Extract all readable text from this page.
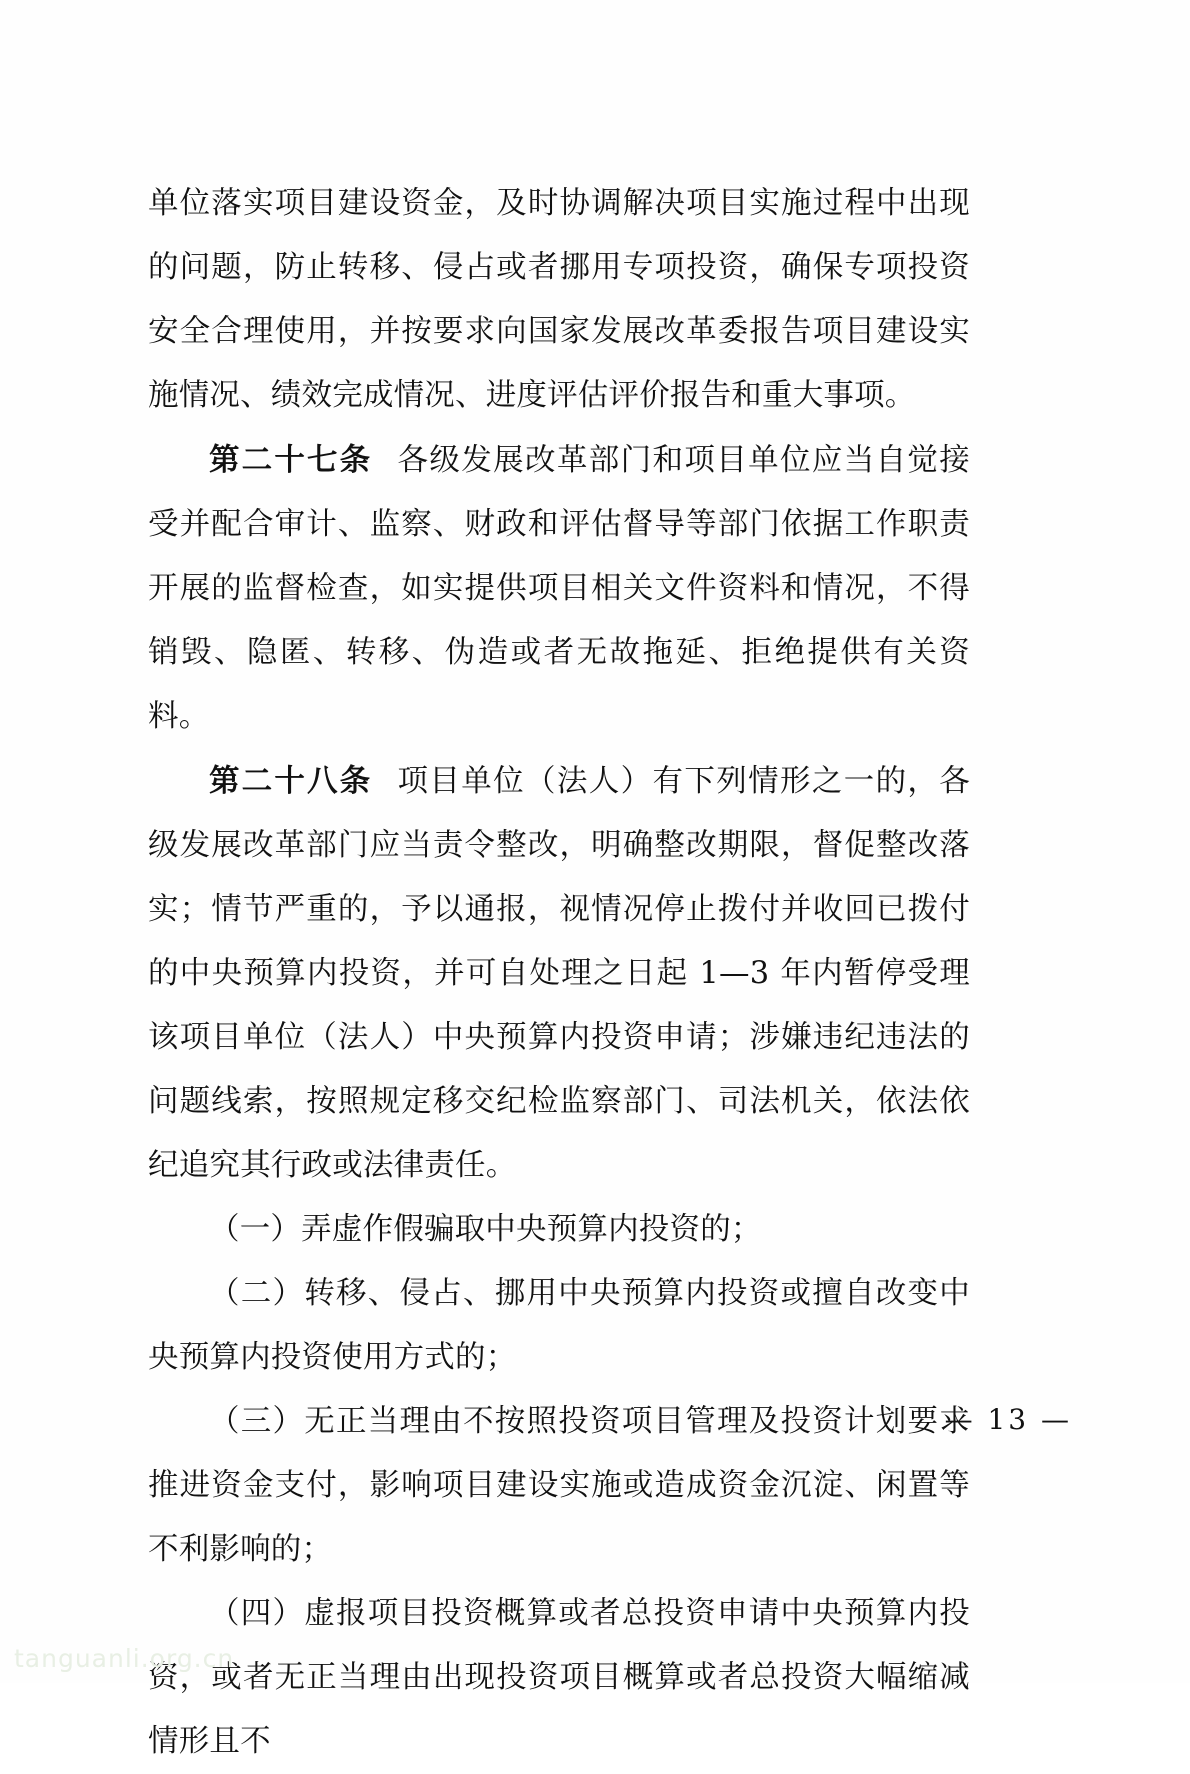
单位落实项目建设资金，及时协调解决项目实施过程中出现的问题，防止转移、侵占或者挪用专项投资，确保专项投资安全合理使用，并按要求向国家发展改革委报告项目建设实施情况、绩效完成情况、进度评估评价报告和重大事项。

第二十七条 各级发展改革部门和项目单位应当自觉接受并配合审计、监察、财政和评估督导等部门依据工作职责开展的监督检查，如实提供项目相关文件资料和情况，不得销毁、隐匿、转移、伪造或者无故拖延、拒绝提供有关资料。

第二十八条 项目单位（法人）有下列情形之一的，各级发展改革部门应当责令整改，明确整改期限，督促整改落实；情节严重的，予以通报，视情况停止拨付并收回已拨付的中央预算内投资，并可自处理之日起 1—3 年内暂停受理该项目单位（法人）中央预算内投资申请；涉嫌违纪违法的问题线索，按照规定移交纪检监察部门、司法机关，依法依纪追究其行政或法律责任。

（一）弄虚作假骗取中央预算内投资的；

（二）转移、侵占、挪用中央预算内投资或擅自改变中央预算内投资使用方式的；

（三）无正当理由不按照投资项目管理及投资计划要求推进资金支付，影响项目建设实施或造成资金沉淀、闲置等不利影响的；

（四）虚报项目投资概算或者总投资申请中央预算内投资，或者无正当理由出现投资项目概算或者总投资大幅缩减情形且不

— 13 —
tanguanli.org.cn
